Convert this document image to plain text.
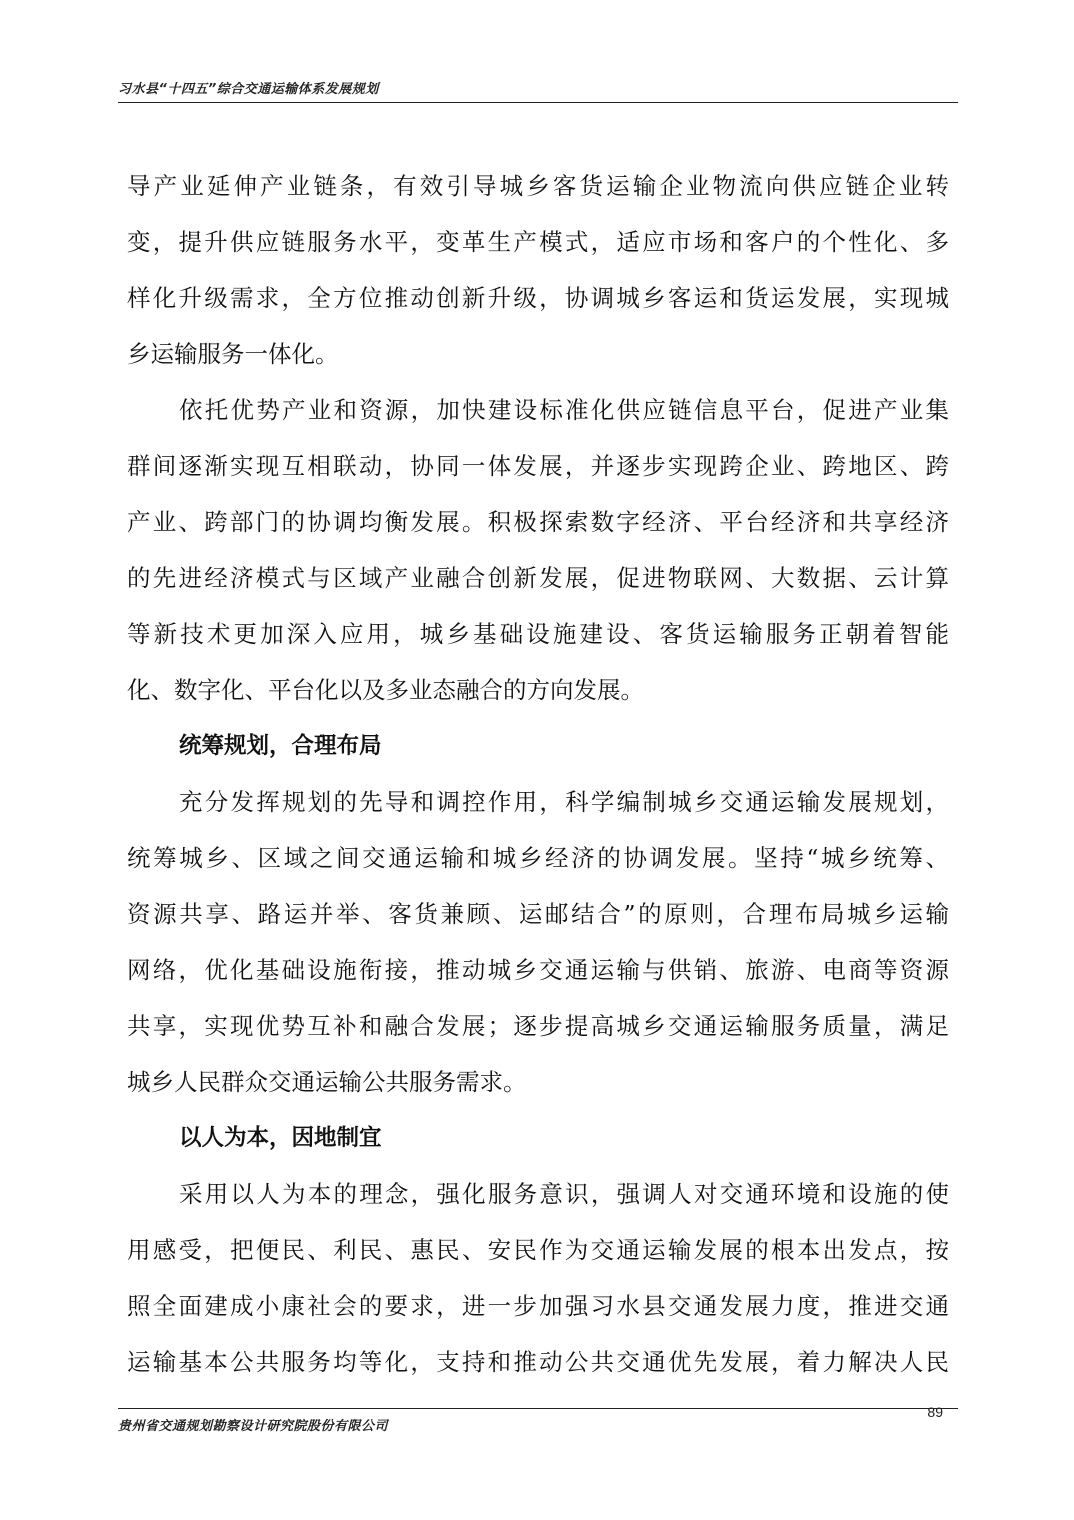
习水县“十四五”综合交通运输体系发展规划
导产业延伸产业链条，有效引导城乡客货运输企业物流向供应链企业转
变，提升供应链服务水平，变革生产模式，适应市场和客户的个性化、多
样化升级需求，全方位推动创新升级，协调城乡客运和货运发展，实现城
乡运输服务一体化。
依托优势产业和资源，加快建设标准化供应链信息平台，促进产业集
群间逐渐实现互相联动，协同一体发展，并逐步实现跨企业、跨地区、跨
产业、跨部门的协调均衡发展。积极探索数字经济、平台经济和共享经济
的先进经济模式与区域产业融合创新发展，促进物联网、大数据、云计算
等新技术更加深入应用，城乡基础设施建设、客货运输服务正朝着智能
化、数字化、平台化以及多业态融合的方向发展。
统筹规划，合理布局
充分发挥规划的先导和调控作用，科学编制城乡交通运输发展规划，
统筹城乡、区域之间交通运输和城乡经济的协调发展。坚持“城乡统筹、
资源共享、路运并举、客货兼顾、运邮结合”的原则，合理布局城乡运输
网络，优化基础设施衔接，推动城乡交通运输与供销、旅游、电商等资源
共享，实现优势互补和融合发展；逐步提高城乡交通运输服务质量，满足
城乡人民群众交通运输公共服务需求。
以人为本，因地制宜
采用以人为本的理念，强化服务意识，强调人对交通环境和设施的使
用感受，把便民、利民、惠民、安民作为交通运输发展的根本出发点，按
照全面建成小康社会的要求，进一步加强习水县交通发展力度，推进交通
运输基本公共服务均等化，支持和推动公共交通优先发展，着力解决人民
贵州省交通规划勘察设计研究院股份有限公司
89
